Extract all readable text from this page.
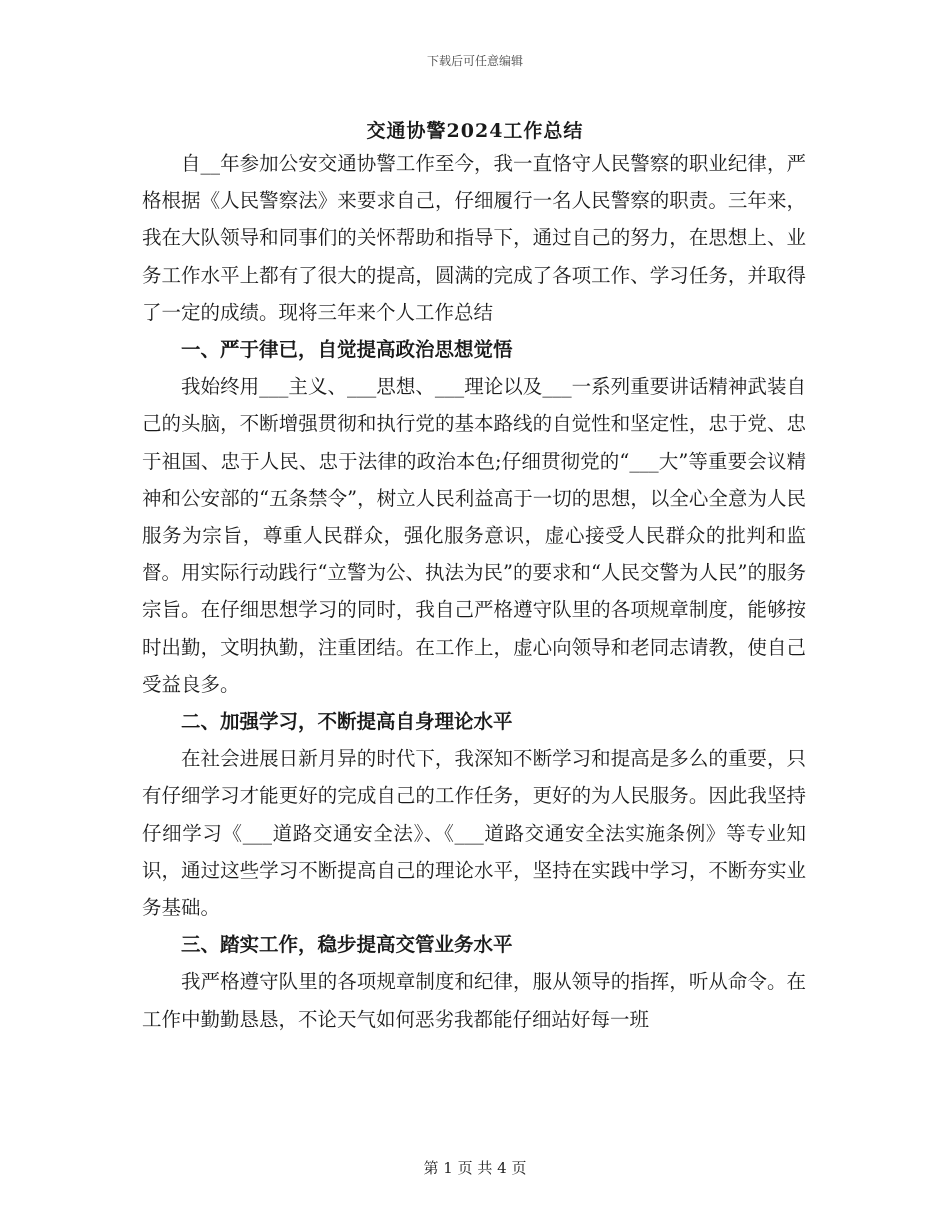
下载后可任意编辑
交通协警2024工作总结

自__年参加公安交通协警工作至今，我一直恪守人民警察的职业纪律，严格根据《人民警察法》来要求自己，仔细履行一名人民警察的职责。三年来，我在大队领导和同事们的关怀帮助和指导下，通过自己的努力，在思想上、业务工作水平上都有了很大的提高，圆满的完成了各项工作、学习任务，并取得了一定的成绩。现将三年来个人工作总结

一、严于律已，自觉提高政治思想觉悟

我始终用___主义、___思想、___理论以及___一系列重要讲话精神武装自己的头脑，不断增强贯彻和执行党的基本路线的自觉性和坚定性，忠于党、忠于祖国、忠于人民、忠于法律的政治本色;仔细贯彻党的“___大”等重要会议精神和公安部的“五条禁令”，树立人民利益高于一切的思想，以全心全意为人民服务为宗旨，尊重人民群众，强化服务意识，虚心接受人民群众的批判和监督。用实际行动践行“立警为公、执法为民”的要求和“人民交警为人民”的服务宗旨。在仔细思想学习的同时，我自己严格遵守队里的各项规章制度，能够按时出勤，文明执勤，注重团结。在工作上，虚心向领导和老同志请教，使自己受益良多。

二、加强学习，不断提高自身理论水平

在社会进展日新月异的时代下，我深知不断学习和提高是多么的重要，只有仔细学习才能更好的完成自己的工作任务，更好的为人民服务。因此我坚持仔细学习《___道路交通安全法》、《___道路交通安全法实施条例》等专业知识，通过这些学习不断提高自己的理论水平，坚持在实践中学习，不断夯实业务基础。

三、踏实工作，稳步提高交管业务水平

我严格遵守队里的各项规章制度和纪律，服从领导的指挥，听从命令。在工作中勤勤恳恳，不论天气如何恶劣我都能仔细站好每一班

第 1 页 共 4 页
